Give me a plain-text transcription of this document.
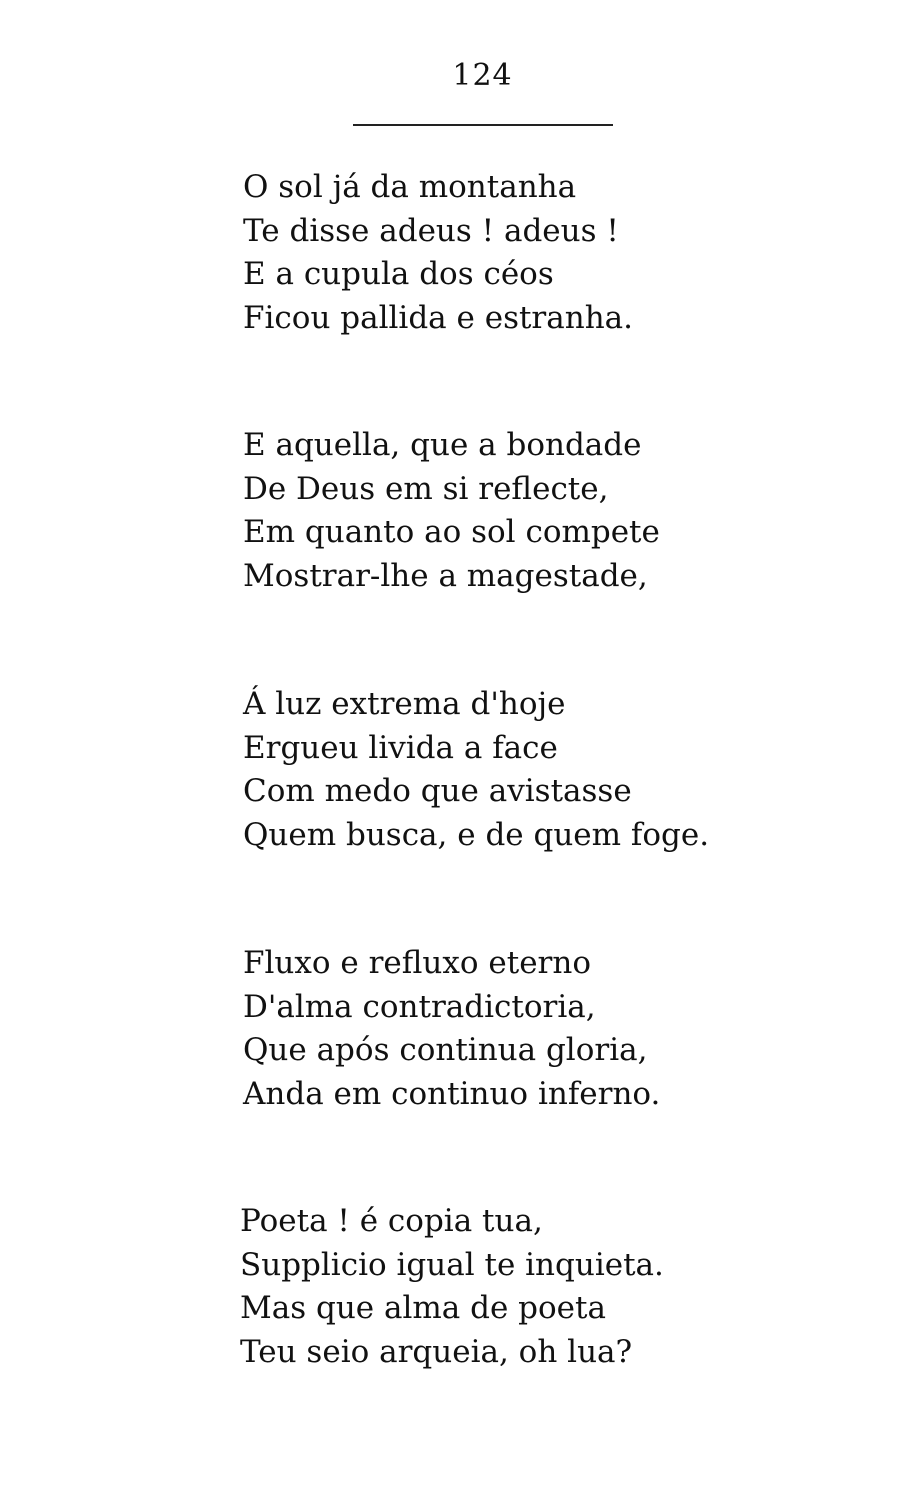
124
O sol já da montanha
Te disse adeus ! adeus !
E a cupula dos céos
Ficou pallida e estranha.
E aquella, que a bondade
De Deus em si reflecte,
Em quanto ao sol compete
Mostrar-lhe a magestade,
Á luz extrema d'hoje
Ergueu livida a face
Com medo que avistasse
Quem busca, e de quem foge.
Fluxo e refluxo eterno
D'alma contradictoria,
Que após continua gloria,
Anda em continuo inferno.
Poeta ! é copia tua,
Supplicio igual te inquieta.
Mas que alma de poeta
Teu seio arqueia, oh lua?
